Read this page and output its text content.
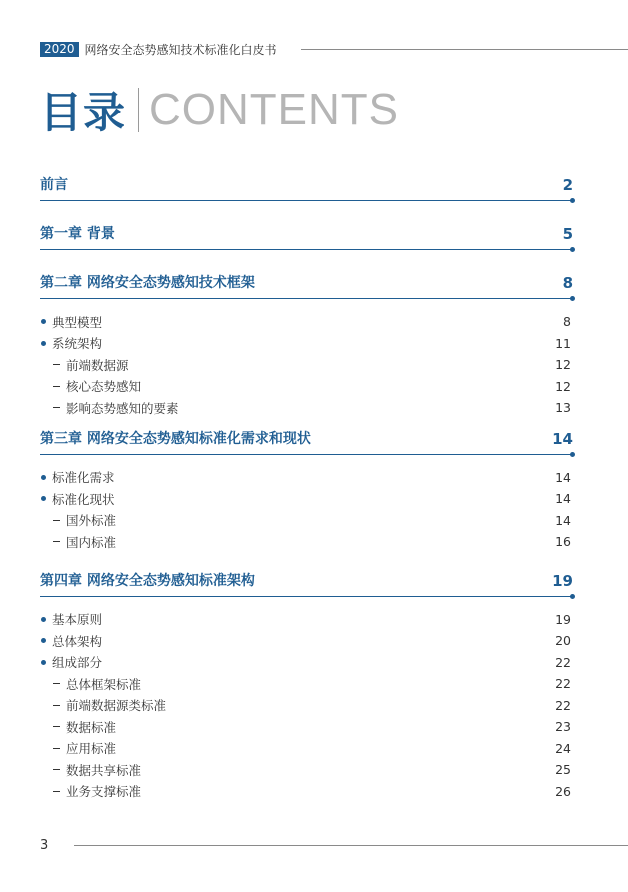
2020 网络安全态势感知技术标准化白皮书
目录 CONTENTS
前言	2
第一章 背景	5
第二章 网络安全态势感知技术框架	8
典型模型	8
系统架构	11
前端数据源	12
核心态势感知	12
影响态势感知的要素	13
第三章 网络安全态势感知标准化需求和现状	14
标准化需求	14
标准化现状	14
国外标准	14
国内标准	16
第四章 网络安全态势感知标准架构	19
基本原则	19
总体架构	20
组成部分	22
总体框架标准	22
前端数据源类标准	22
数据标准	23
应用标准	24
数据共享标准	25
业务支撑标准	26
3
